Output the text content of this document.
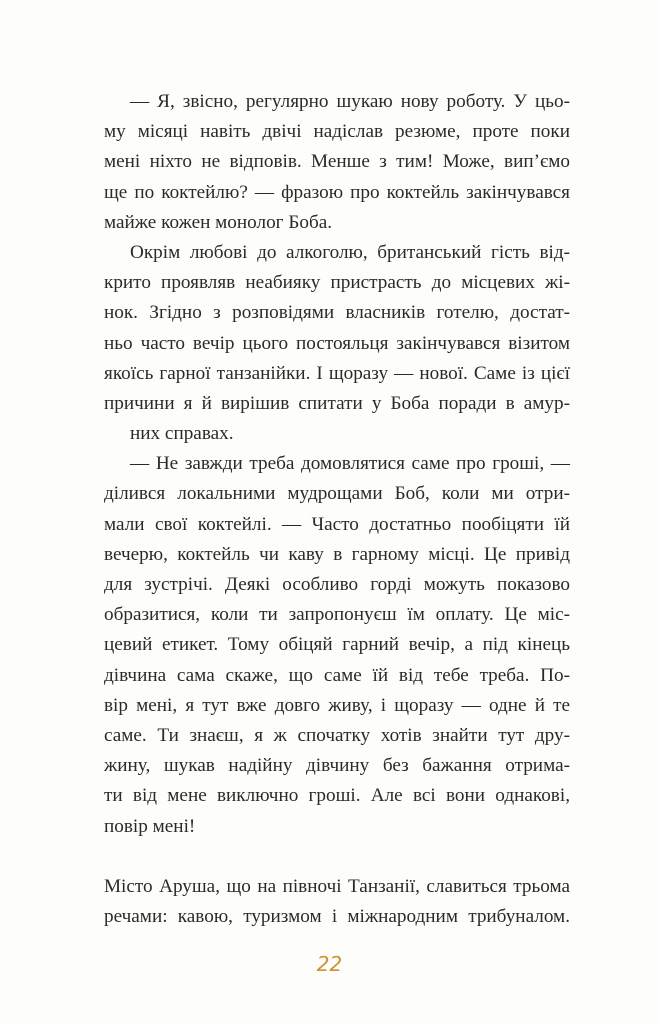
— Я, звісно, регулярно шукаю нову роботу. У цьо-
му місяці навіть двічі надіслав резюме, проте поки
мені ніхто не відповів. Менше з тим! Може, вип’ємо
ще по коктейлю? — фразою про коктейль закінчувався
майже кожен монолог Боба.
Окрім любові до алкоголю, британський гість від-
крито проявляв неабияку пристрасть до місцевих жі-
нок. Згідно з розповідями власників готелю, достат-
ньо часто вечір цього постояльця закінчувався візитом
якоїсь гарної танзанійки. І щоразу — нової. Саме із цієї
причини я й вирішив спитати у Боба поради в амур-
них справах.
— Не завжди треба домовлятися саме про гроші, —
ділився локальними мудрощами Боб, коли ми отри-
мали свої коктейлі. — Часто достатньо пообіцяти їй
вечерю, коктейль чи каву в гарному місці. Це привід
для зустрічі. Деякі особливо горді можуть показово
образитися, коли ти запропонуєш їм оплату. Це міс-
цевий етикет. Тому обіцяй гарний вечір, а під кінець
дівчина сама скаже, що саме їй від тебе треба. По-
вір мені, я тут вже довго живу, і щоразу — одне й те
саме. Ти знаєш, я ж спочатку хотів знайти тут дру-
жину, шукав надійну дівчину без бажання отрима-
ти від мене виключно гроші. Але всі вони однакові,
повір мені!
Місто Аруша, що на півночі Танзанії, славиться трьома
речами: кавою, туризмом і міжнародним трибуналом.
22
